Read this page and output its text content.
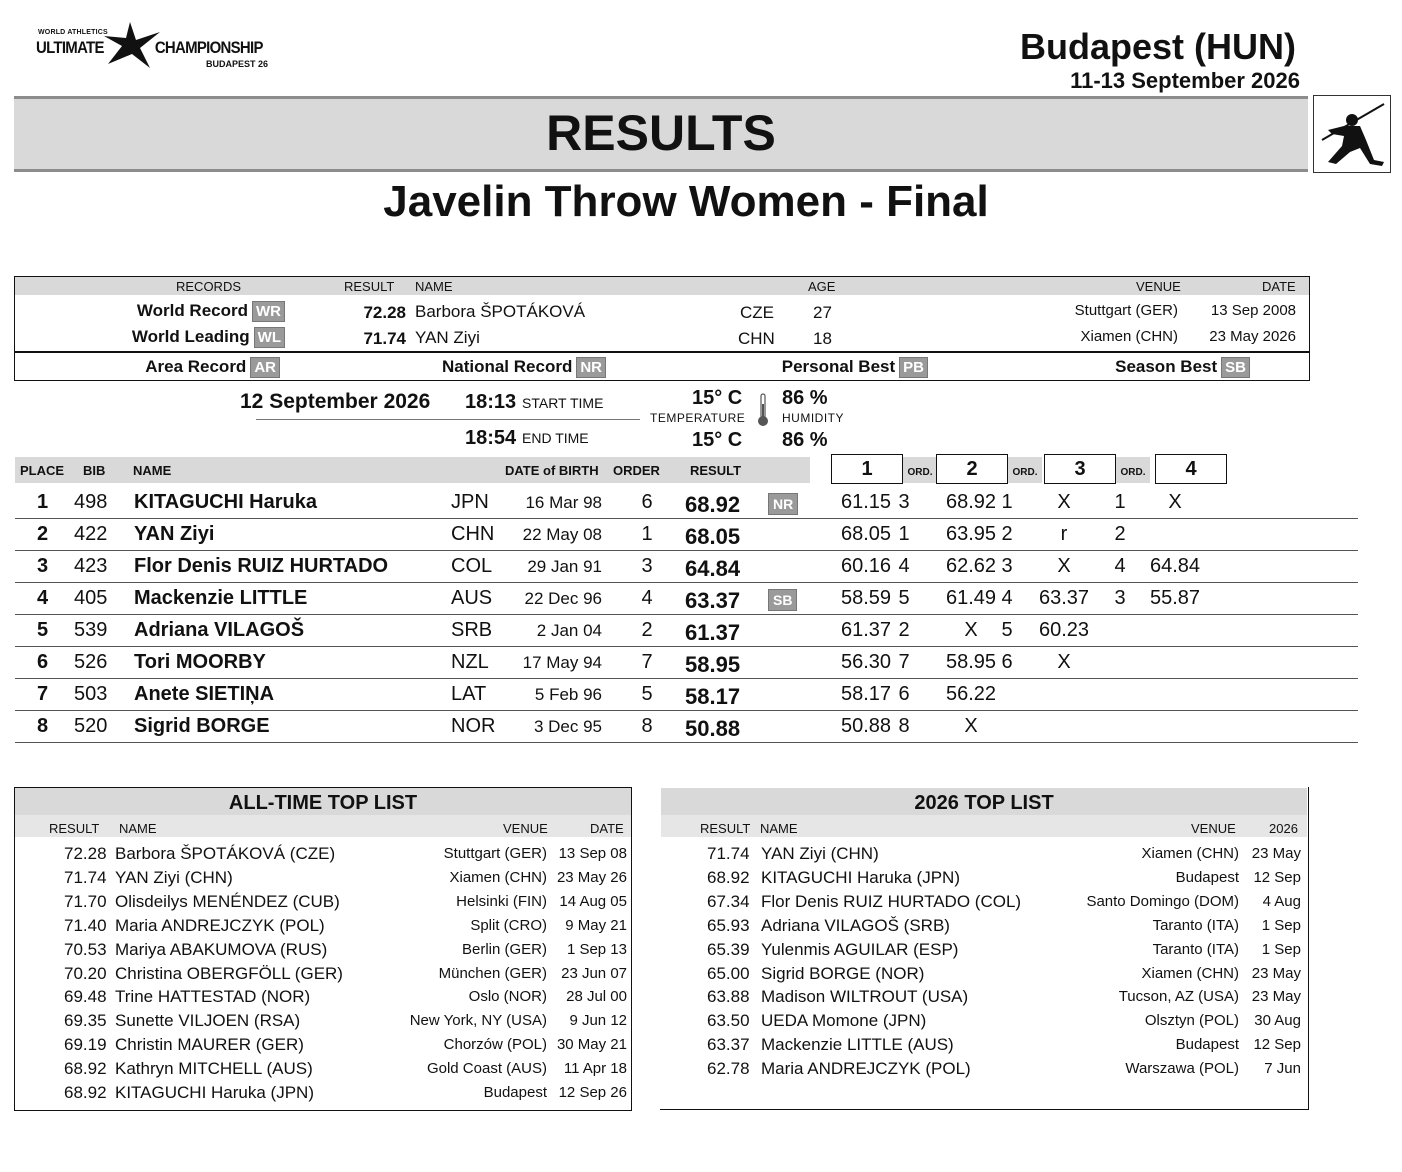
WORLD ATHLETICS
ULTIMATE	CHAMPIONSHIP
BUDAPEST 26	Budapest (HUN)
11-13 September 2026
RESULTS
Javelin Throw Women - Final
RECORDS	RESULT NAME	AGE	VENUE	DATE
World Record WR	72.28 Barbora ŠPOTÁKOVÁ	CZE 27	Stuttgart (GER)	13 Sep 2008
World Leading WL	71.74 YAN Ziyi	CHN 18	Xiamen (CHN)	23 May 2026
Area Record AR	National Record NR	Personal Best PB	Season Best SB
12 September 2026 18:13 START TIME
18:54 END TIME
15° C
TEMPERATURE
15° C
86 %
HUMIDITY
86 %
PLACE BIB NAME	DATE of BIRTH ORDER RESULT	1	ORD.	2	ORD.	3	ORD.	4
1 498 KITAGUCHI Haruka	JPN	16 Mar 98 6 68.92	NR	61.15 3	68.92 1	X	1	X
2 422 YAN Ziyi	CHN	22 May 08 1 68.05	68.05 1	63.95 2	r	2
3 423 Flor Denis RUIZ HURTADO	COL	29 Jan 91 3 64.84	60.16 4	62.62 3	X	4	64.84
4 405 Mackenzie LITTLE	AUS	22 Dec 96 4 63.37	SB	58.59 5	61.49 4	63.37	3	55.87
5 539 Adriana VILAGOŠ	SRB	2 Jan 04 2 61.37	61.37 2	X	5	60.23
6 526 Tori MOORBY	NZL	17 May 94 7 58.95	56.30 7	58.95 6	X
7 503 Anete SIETIŅA	LAT	5 Feb 96 5 58.17	58.17 6	56.22
8 520 Sigrid BORGE	NOR	3 Dec 95 8 50.88	50.88 8	X
ALL-TIME TOP LIST
RESULT NAME	VENUE	DATE
72.28 Barbora ŠPOTÁKOVÁ (CZE)	Stuttgart (GER) 13 Sep 08
71.74 YAN Ziyi (CHN)	Xiamen (CHN) 23 May 26
71.70 Olisdeilys MENÉNDEZ (CUB)	Helsinki (FIN) 14 Aug 05
71.40 Maria ANDREJCZYK (POL)	Split (CRO)	9 May 21
70.53 Mariya ABAKUMOVA (RUS)	Berlin (GER)	1 Sep 13
70.20 Christina OBERGFÖLL (GER)	München (GER) 23 Jun 07
69.48 Trine HATTESTAD (NOR)	Oslo (NOR)	28 Jul 00
69.35 Sunette VILJOEN (RSA)	New York, NY (USA)	9 Jun 12
69.19 Christin MAURER (GER)	Chorzów (POL) 30 May 21
68.92 Kathryn MITCHELL (AUS)	Gold Coast (AUS)	11 Apr 18
68.92 KITAGUCHI Haruka (JPN)	Budapest 12 Sep 26
2026 TOP LIST
RESULT NAME	VENUE	2026
71.74 YAN Ziyi (CHN)	Xiamen (CHN) 23 May
68.92 KITAGUCHI Haruka (JPN)	Budapest 12 Sep
67.34 Flor Denis RUIZ HURTADO (COL)	Santo Domingo (DOM)	4 Aug
65.93 Adriana VILAGOŠ (SRB)	Taranto (ITA)	1 Sep
65.39 Yulenmis AGUILAR (ESP)	Taranto (ITA)	1 Sep
65.00 Sigrid BORGE (NOR)	Xiamen (CHN) 23 May
63.88 Madison WILTROUT (USA)	Tucson, AZ (USA) 23 May
63.50 UEDA Momone (JPN)	Olsztyn (POL)	30 Aug
63.37 Mackenzie LITTLE (AUS)	Budapest 12 Sep
62.78 Maria ANDREJCZYK (POL)	Warszawa (POL)	7 Jun
